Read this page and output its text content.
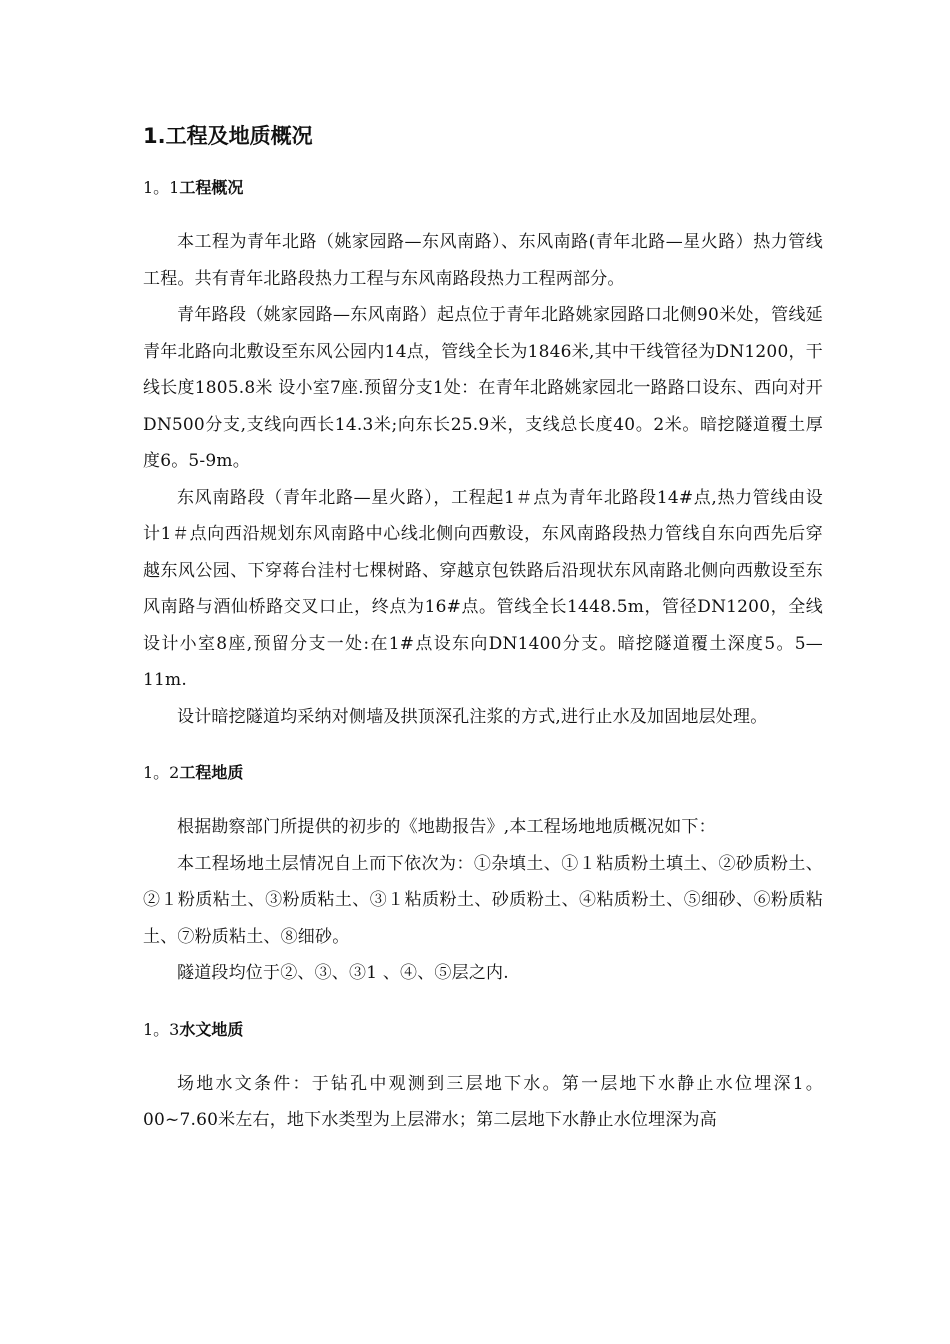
1.工程及地质概况
1。1工程概况

本工程为青年北路（姚家园路—东风南路）、东风南路(青年北路—星火路）热力管线工程。共有青年北路段热力工程与东风南路段热力工程两部分。

青年路段（姚家园路—东风南路）起点位于青年北路姚家园路口北侧90米处，管线延青年北路向北敷设至东风公园内14点，管线全长为1846米,其中干线管径为DN1200，干线长度1805.8米 设小室7座.预留分支1处：在青年北路姚家园北一路路口设东、西向对开DN500分支,支线向西长14.3米;向东长25.9米，支线总长度40。2米。暗挖隧道覆土厚度6。5-9m。

东风南路段（青年北路—星火路），工程起1＃点为青年北路段14#点,热力管线由设计1＃点向西沿规划东风南路中心线北侧向西敷设，东风南路段热力管线自东向西先后穿越东风公园、下穿蒋台洼村七棵树路、穿越京包铁路后沿现状东风南路北侧向西敷设至东风南路与酒仙桥路交叉口止，终点为16#点。管线全长1448.5m，管径DN1200，全线设计小室8座,预留分支一处:在1#点设东向DN1400分支。暗挖隧道覆土深度5。5—11m.

设计暗挖隧道均采纳对侧墙及拱顶深孔注浆的方式,进行止水及加固地层处理。

1。2工程地质

根据勘察部门所提供的初步的《地勘报告》,本工程场地地质概况如下：

本工程场地土层情况自上而下依次为：①杂填土、①１粘质粉土填土、②砂质粉土、②１粉质粘土、③粉质粘土、③１粘质粉土、砂质粉土、④粘质粉土、⑤细砂、⑥粉质粘土、⑦粉质粘土、⑧细砂。

隧道段均位于②、③、③1 、④、⑤层之内.

1。3水文地质

场地水文条件：于钻孔中观测到三层地下水。第一层地下水静止水位埋深1。00~7.60米左右，地下水类型为上层滞水；第二层地下水静止水位埋深为高
